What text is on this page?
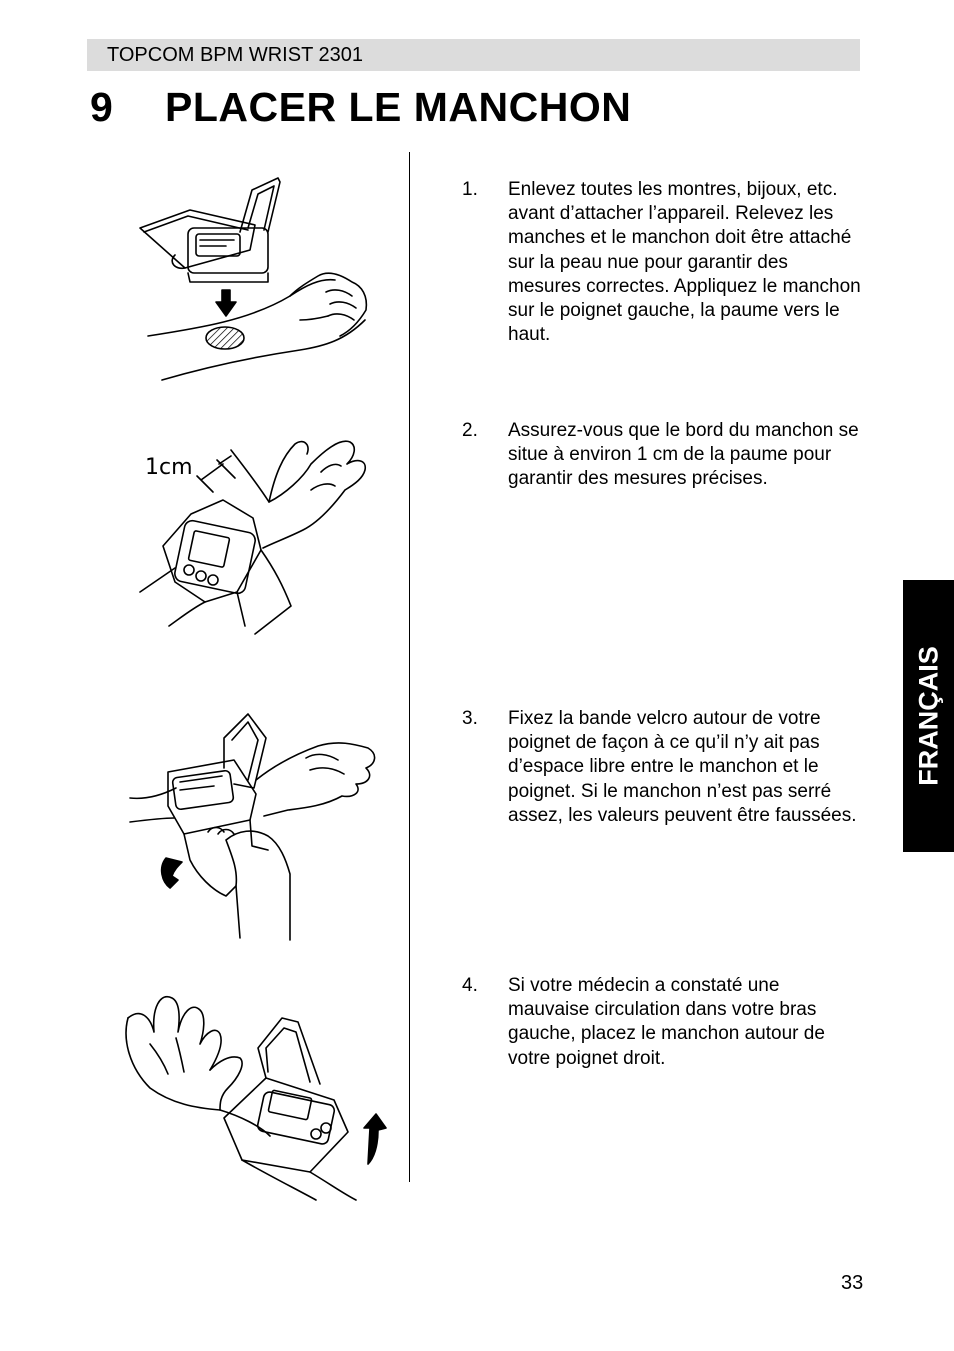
TOPCOM BPM WRIST 2301
9 PLACER LE MANCHON
1. Enlevez toutes les montres, bijoux, etc. avant d’attacher l’appareil. Relevez les manches et le manchon doit être attaché sur la peau nue pour garantir des mesures correctes. Appliquez le manchon sur le poignet gauche, la paume vers le haut.
2. Assurez-vous que le bord du manchon se situe à environ 1 cm de la paume pour garantir des mesures précises.
3. Fixez la bande velcro autour de votre poignet de façon à ce qu’il n’y ait pas d’espace libre entre le manchon et le poignet. Si le manchon n’est pas serré assez, les valeurs peuvent être faussées.
4. Si votre médecin a constaté une mauvaise circulation dans votre bras gauche, placez le manchon autour de votre poignet droit.
1cm
FRANÇAIS
33
